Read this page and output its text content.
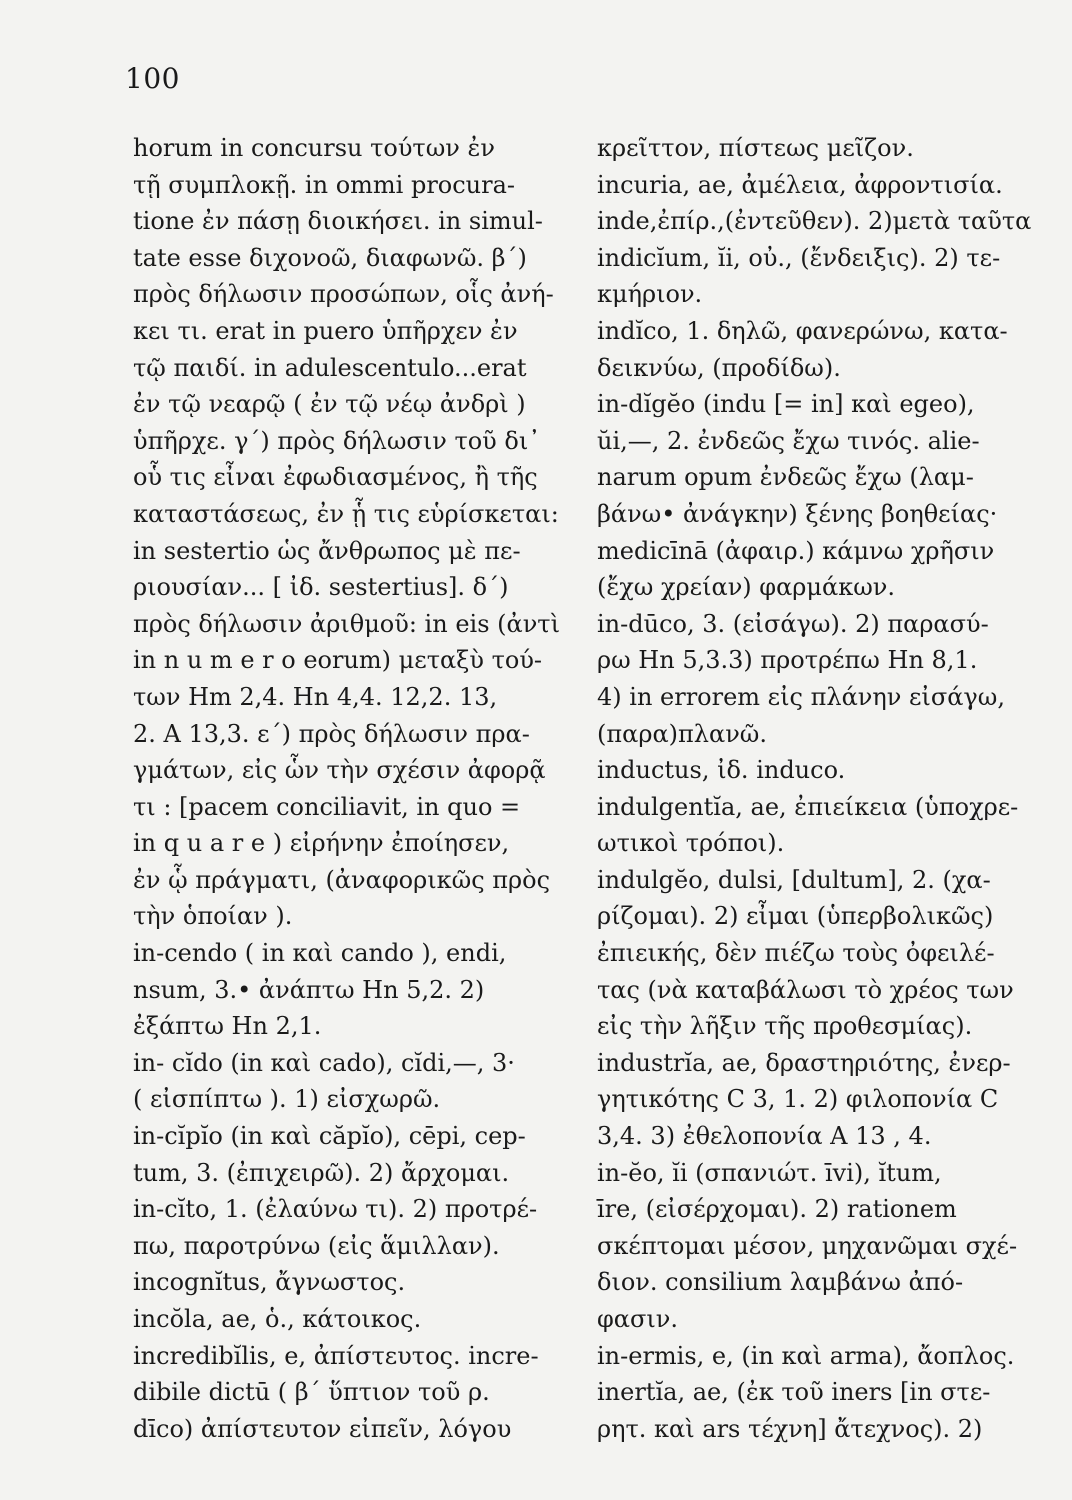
100
horum in concursu τούτων ἐν
τῇ συμπλοκῇ. in ommi procura-
tione ἐν πάσῃ διοικήσει. in simul-
tate esse διχονοῶ, διαφωνῶ. β΄)
πρὸς δήλωσιν προσώπων, οἷς ἀνή-
κει τι. erat in puero ὑπῆρχεν ἐν
τῷ παιδί. in adulescentulo...erat
ἐν τῷ νεαρῷ ( ἐν τῷ νέῳ ἀνδρὶ )
ὑπῆρχε. γ΄) πρὸς δήλωσιν τοῦ δι᾽
οὗ τις εἶναι ἐφωδιασμένος, ἢ τῆς
καταστάσεως, ἐν ᾗ τις εὑρίσκεται:
in sestertio ὡς ἄνθρωπος μὲ πε-
ριουσίαν... [ ἰδ. sestertius]. δ΄)
πρὸς δήλωσιν ἀριθμοῦ: in eis (ἀντὶ
in n u m e r o eorum) μεταξὺ τού-
των Hm 2,4. Hn 4,4. 12,2. 13,
2. A 13,3. ε΄) πρὸς δήλωσιν πρα-
γμάτων, εἰς ὧν τὴν σχέσιν ἀφορᾷ
τι : [pacem conciliavit, in quo =
in q u a r e ) εἰρήνην ἐποίησεν,
ἐν ᾧ πράγματι, (ἀναφορικῶς πρὸς
τὴν ὁποίαν ).
in-cendo ( in καὶ cando ), endi,
nsum, 3.• ἀνάπτω Hn 5,2. 2)
ἐξάπτω Hn 2,1.
in- cĭdo (in καὶ cado), cĭdi,—, 3·
( εἰσπίπτω ). 1) εἰσχωρῶ.
in-cĭpĭo (in καὶ căpĭo), cēpi, cep-
tum, 3. (ἐπιχειρῶ). 2) ἄρχομαι.
in-cĭto, 1. (ἐλαύνω τι). 2) προτρέ-
πω, παροτρύνω (εἰς ἅμιλλαν).
incognĭtus, ἄγνωστος.
incŏla, ae, ὁ., κάτοικος.
incredibĭlis, e, ἀπίστευτος. incre-
dibile dictū ( β΄ ὕπτιον τοῦ ρ.
dīco) ἀπίστευτον εἰπεῖν, λόγου
κρεῖττον, πίστεως μεῖζον.
incuria, ae, ἀμέλεια, ἀφροντισία.
inde,ἐπίρ.,(ἐντεῦθεν). 2)μετὰ ταῦτα
indicĭum, ĭi, οὐ., (ἔνδειξις). 2) τε-
κμήριον.
indĭco, 1. δηλῶ, φανερώνω, κατα-
δεικνύω, (προδίδω).
in-dĭgĕo (indu [= in] καὶ egeo),
ŭi,—, 2. ἐνδεῶς ἔχω τινός. alie-
narum opum ἐνδεῶς ἔχω (λαμ-
βάνω• ἀνάγκην) ξένης βοηθείας·
medicīnā (ἀφαιρ.) κάμνω χρῆσιν
(ἔχω χρείαν) φαρμάκων.
in-dūco, 3. (εἰσάγω). 2) παρασύ-
ρω Hn 5,3.3) προτρέπω Hn 8,1.
4) in errorem εἰς πλάνην εἰσάγω,
(παρα)πλανῶ.
inductus, ἰδ. induco.
indulgentĭa, ae, ἐπιείκεια (ὑποχρε-
ωτικοὶ τρόποι).
indulgĕo, dulsi, [dultum], 2. (χα-
ρίζομαι). 2) εἶμαι (ὑπερβολικῶς)
ἐπιεικής, δὲν πιέζω τοὺς ὀφειλέ-
τας (νὰ καταβάλωσι τὸ χρέος των
εἰς τὴν λῆξιν τῆς προθεσμίας).
industrĭa, ae, δραστηριότης, ἐνερ-
γητικότης C 3, 1. 2) φιλοπονία C
3,4. 3) ἐθελοπονία A 13 , 4.
in-ĕo, ĭi (σπανιώτ. īvi), ĭtum,
īre, (εἰσέρχομαι). 2) rationem
σκέπτομαι μέσον, μηχανῶμαι σχέ-
διον. consilium λαμβάνω ἀπό-
φασιν.
in-ermis, e, (in καὶ arma), ἄοπλος.
inertĭa, ae, (ἐκ τοῦ iners [in στε-
ρητ. καὶ ars τέχνη] ἄτεχνος). 2)
